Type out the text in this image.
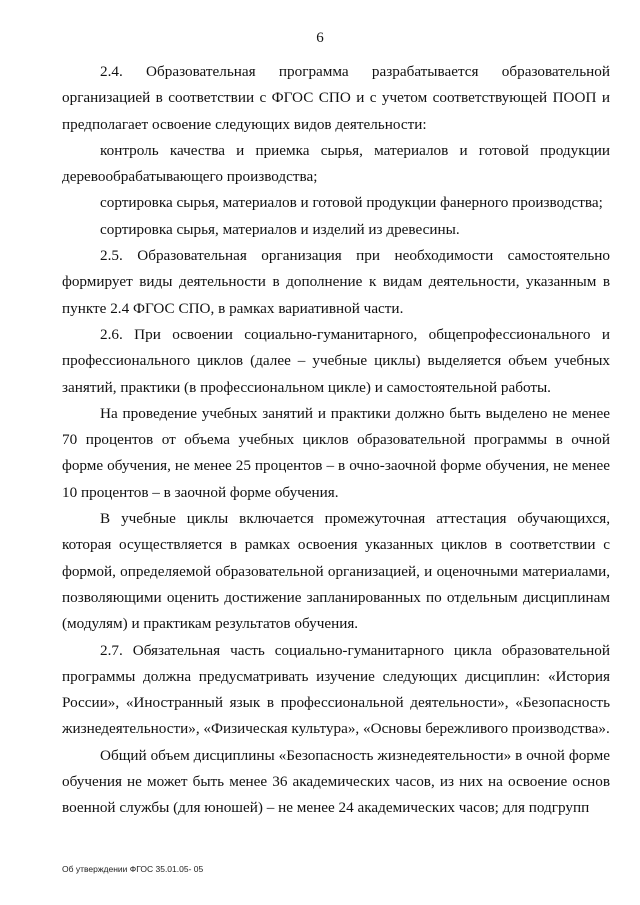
6

2.4. Образовательная программа разрабатывается образовательной организацией в соответствии с ФГОС СПО и с учетом соответствующей ПООП и предполагает освоение следующих видов деятельности:

контроль качества и приемка сырья, материалов и готовой продукции деревообрабатывающего производства;

сортировка сырья, материалов и готовой продукции фанерного производства;

сортировка сырья, материалов и изделий из древесины.

2.5. Образовательная организация при необходимости самостоятельно формирует виды деятельности в дополнение к видам деятельности, указанным в пункте 2.4 ФГОС СПО, в рамках вариативной части.

2.6. При освоении социально-гуманитарного, общепрофессионального и профессионального циклов (далее – учебные циклы) выделяется объем учебных занятий, практики (в профессиональном цикле) и самостоятельной работы.

На проведение учебных занятий и практики должно быть выделено не менее 70 процентов от объема учебных циклов образовательной программы в очной форме обучения, не менее 25 процентов – в очно-заочной форме обучения, не менее 10 процентов – в заочной форме обучения.

В учебные циклы включается промежуточная аттестация обучающихся, которая осуществляется в рамках освоения указанных циклов в соответствии с формой, определяемой образовательной организацией, и оценочными материалами, позволяющими оценить достижение запланированных по отдельным дисциплинам (модулям) и практикам результатов обучения.

2.7. Обязательная часть социально-гуманитарного цикла образовательной программы должна предусматривать изучение следующих дисциплин: «История России», «Иностранный язык в профессиональной деятельности», «Безопасность жизнедеятельности», «Физическая культура», «Основы бережливого производства».

Общий объем дисциплины «Безопасность жизнедеятельности» в очной форме обучения не может быть менее 36 академических часов, из них на освоение основ военной службы (для юношей) – не менее 24 академических часов; для подгрупп

Об утверждении ФГОС 35.01.05- 05
